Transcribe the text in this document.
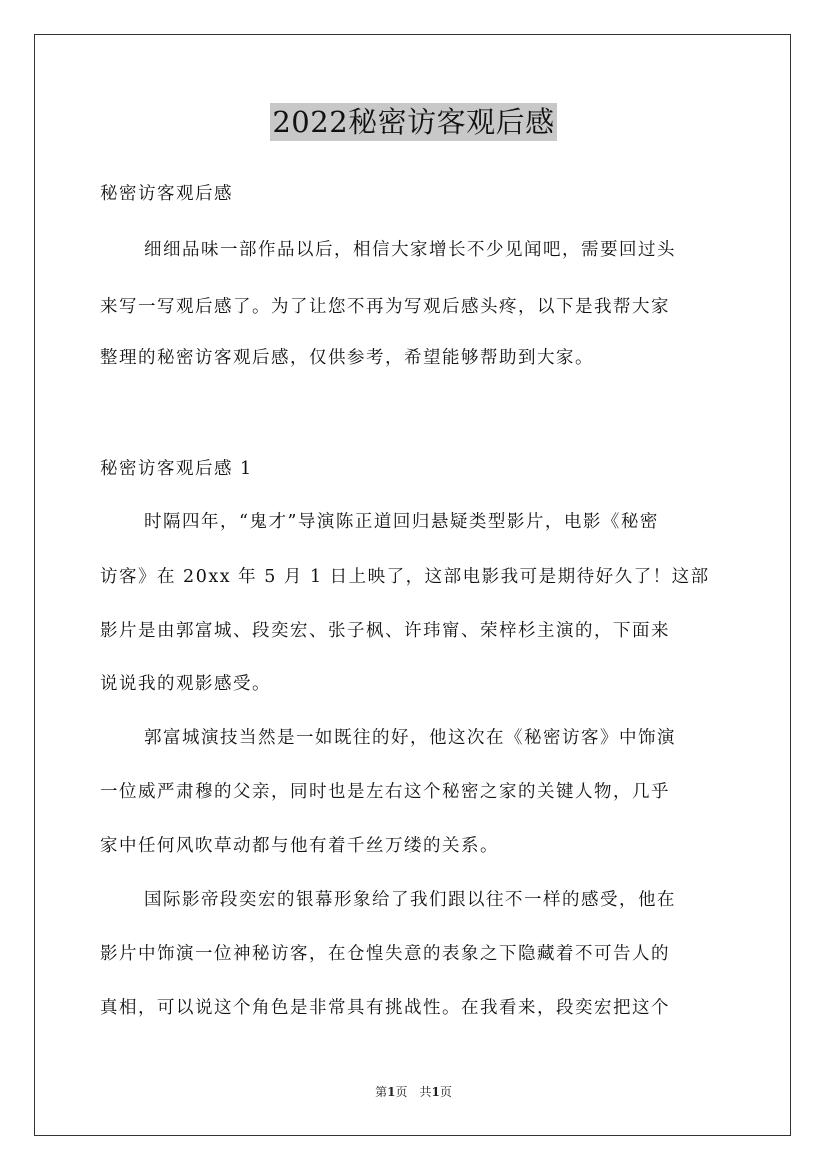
2022秘密访客观后感
秘密访客观后感
细细品味一部作品以后，相信大家增长不少见闻吧，需要回过头
来写一写观后感了。为了让您不再为写观后感头疼，以下是我帮大家
整理的秘密访客观后感，仅供参考，希望能够帮助到大家。
秘密访客观后感 1
时隔四年，“鬼才”导演陈正道回归悬疑类型影片，电影《秘密
访客》在 20xx 年 5 月 1 日上映了，这部电影我可是期待好久了！这部
影片是由郭富城、段奕宏、张子枫、许玮甯、荣梓杉主演的，下面来
说说我的观影感受。
郭富城演技当然是一如既往的好，他这次在《秘密访客》中饰演
一位威严肃穆的父亲，同时也是左右这个秘密之家的关键人物，几乎
家中任何风吹草动都与他有着千丝万缕的关系。
国际影帝段奕宏的银幕形象给了我们跟以往不一样的感受，他在
影片中饰演一位神秘访客，在仓惶失意的表象之下隐藏着不可告人的
真相，可以说这个角色是非常具有挑战性。在我看来，段奕宏把这个
第1页　共1页
